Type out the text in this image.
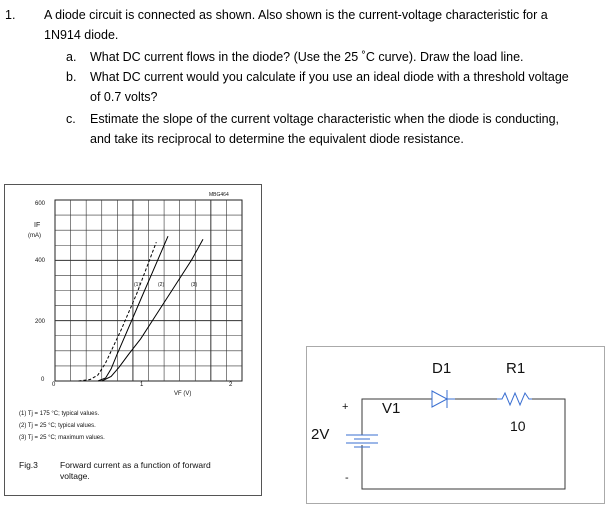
1. A diode circuit is connected as shown. Also shown is the current-voltage characteristic for a
1N914 diode.
a. What DC current flows in the diode? (Use the 25 ˚C curve). Draw the load line.
b. What DC current would you calculate if you use an ideal diode with a threshold voltage
of 0.7 volts?
c. Estimate the slope of the current voltage characteristic when the diode is conducting,
and take its reciprocal to determine the equivalent diode resistance.
MBG464
IF
(mA)
600
400
200
0
0	1	2
VF (V)
(1)	(2)	(3)
(1) Tj = 175 °C; typical values.
(2) Tj = 25 °C; typical values.
(3) Tj = 25 °C; maximum values.
Fig.3	Forward current as a function of forward
voltage.
+
-
2V
V1
D1	R1
10
